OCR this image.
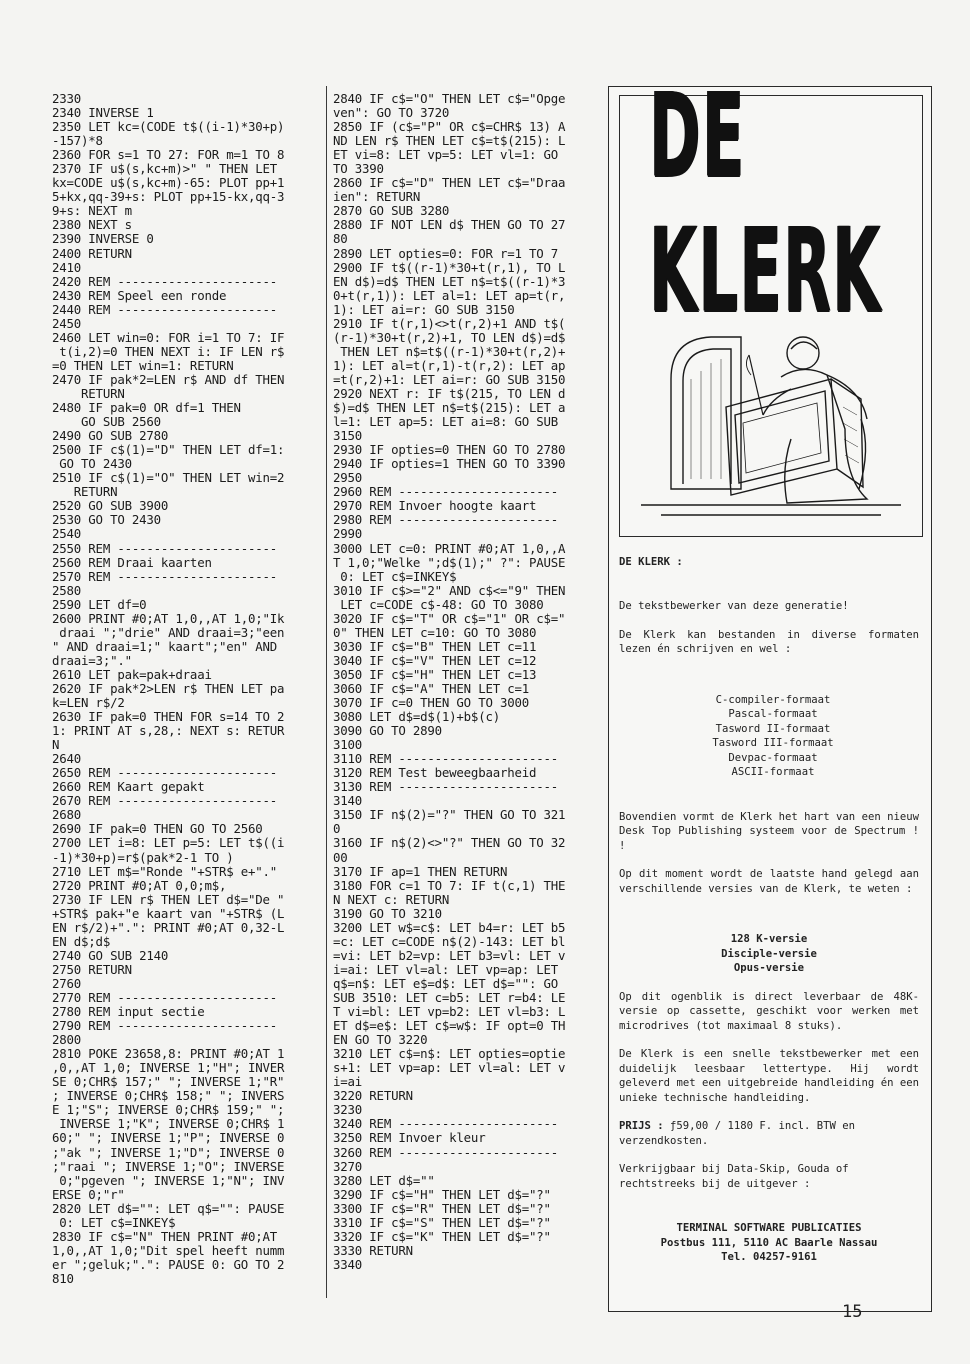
2330
2340 INVERSE 1
2350 LET kc=(CODE t$((i-1)*30+p)
-157)*8
2360 FOR s=1 TO 27: FOR m=1 TO 8
2370 IF u$(s,kc+m)>" " THEN LET
kx=CODE u$(s,kc+m)-65: PLOT pp+1
5+kx,qq-39+s: PLOT pp+15-kx,qq-3
9+s: NEXT m
2380 NEXT s
2390 INVERSE 0
2400 RETURN
2410
2420 REM ----------------------
2430 REM Speel een ronde
2440 REM ----------------------
2450
2460 LET win=0: FOR i=1 TO 7: IF
t(i,2)=0 THEN NEXT i: IF LEN r$
=0 THEN LET win=1: RETURN
2470 IF pak*2=LEN r$ AND df THEN
RETURN
2480 IF pak=0 OR df=1 THEN
GO SUB 2560
2490 GO SUB 2780
2500 IF c$(1)="D" THEN LET df=1:
GO TO 2430
2510 IF c$(1)="O" THEN LET win=2
RETURN
2520 GO SUB 3900
2530 GO TO 2430
2540
2550 REM ----------------------
2560 REM Draai kaarten
2570 REM ----------------------
2580
2590 LET df=0
2600 PRINT #0;AT 1,0,,AT 1,0;"Ik
draai ";"drie" AND draai=3;"een
" AND draai=1;" kaart";"en" AND
draai=3;"."
2610 LET pak=pak+draai
2620 IF pak*2>LEN r$ THEN LET pa
k=LEN r$/2
2630 IF pak=0 THEN FOR s=14 TO 2
1: PRINT AT s,28,: NEXT s: RETUR
N
2640
2650 REM ----------------------
2660 REM Kaart gepakt
2670 REM ----------------------
2680
2690 IF pak=0 THEN GO TO 2560
2700 LET i=8: LET p=5: LET t$((i
-1)*30+p)=r$(pak*2-1 TO )
2710 LET m$="Ronde "+STR$ e+"."
2720 PRINT #0;AT 0,0;m$,
2730 IF LEN r$ THEN LET d$="De "
+STR$ pak+"e kaart van "+STR$ (L
EN r$/2)+".": PRINT #0;AT 0,32-L
EN d$;d$
2740 GO SUB 2140
2750 RETURN
2760
2770 REM ----------------------
2780 REM input sectie
2790 REM ----------------------
2800
2810 POKE 23658,8: PRINT #0;AT 1
,0,,AT 1,0; INVERSE 1;"H"; INVER
SE 0;CHR$ 157;" "; INVERSE 1;"R"
; INVERSE 0;CHR$ 158;" "; INVERS
E 1;"S"; INVERSE 0;CHR$ 159;" ";
INVERSE 1;"K"; INVERSE 0;CHR$ 1
60;" "; INVERSE 1;"P"; INVERSE 0
;"ak "; INVERSE 1;"D"; INVERSE 0
;"raai "; INVERSE 1;"O"; INVERSE
0;"pgeven "; INVERSE 1;"N"; INV
ERSE 0;"r"
2820 LET d$="": LET q$="": PAUSE
0: LET c$=INKEY$
2830 IF c$="N" THEN PRINT #0;AT
1,0,,AT 1,0;"Dit spel heeft numm
er ";geluk;".": PAUSE 0: GO TO 2
810
2840 IF c$="O" THEN LET c$="Opge
ven": GO TO 3720
2850 IF (c$="P" OR c$=CHR$ 13) A
ND LEN r$ THEN LET c$=t$(215): L
ET vi=8: LET vp=5: LET vl=1: GO
TO 3390
2860 IF c$="D" THEN LET c$="Draa
ien": RETURN
2870 GO SUB 3280
2880 IF NOT LEN d$ THEN GO TO 27
80
2890 LET opties=0: FOR r=1 TO 7
2900 IF t$((r-1)*30+t(r,1), TO L
EN d$)=d$ THEN LET n$=t$((r-1)*3
0+t(r,1)): LET al=1: LET ap=t(r,
1): LET ai=r: GO SUB 3150
2910 IF t(r,1)<>t(r,2)+1 AND t$(
(r-1)*30+t(r,2)+1, TO LEN d$)=d$
THEN LET n$=t$((r-1)*30+t(r,2)+
1): LET al=t(r,1)-t(r,2): LET ap
=t(r,2)+1: LET ai=r: GO SUB 3150
2920 NEXT r: IF t$(215, TO LEN d
$)=d$ THEN LET n$=t$(215): LET a
l=1: LET ap=5: LET ai=8: GO SUB
3150
2930 IF opties=0 THEN GO TO 2780
2940 IF opties=1 THEN GO TO 3390
2950
2960 REM ----------------------
2970 REM Invoer hoogte kaart
2980 REM ----------------------
2990
3000 LET c=0: PRINT #0;AT 1,0,,A
T 1,0;"Welke ";d$(1);" ?": PAUSE
0: LET c$=INKEY$
3010 IF c$>="2" AND c$<="9" THEN
LET c=CODE c$-48: GO TO 3080
3020 IF c$="T" OR c$="1" OR c$="
0" THEN LET c=10: GO TO 3080
3030 IF c$="B" THEN LET c=11
3040 IF c$="V" THEN LET c=12
3050 IF c$="H" THEN LET c=13
3060 IF c$="A" THEN LET c=1
3070 IF c=0 THEN GO TO 3000
3080 LET d$=d$(1)+b$(c)
3090 GO TO 2890
3100
3110 REM ----------------------
3120 REM Test beweegbaarheid
3130 REM ----------------------
3140
3150 IF n$(2)="?" THEN GO TO 321
0
3160 IF n$(2)<>"?" THEN GO TO 32
00
3170 IF ap=1 THEN RETURN
3180 FOR c=1 TO 7: IF t(c,1) THE
N NEXT c: RETURN
3190 GO TO 3210
3200 LET w$=c$: LET b4=r: LET b5
=c: LET c=CODE n$(2)-143: LET bl
=vi: LET b2=vp: LET b3=vl: LET v
i=ai: LET vl=al: LET vp=ap: LET
q$=n$: LET e$=d$: LET d$="": GO
SUB 3510: LET c=b5: LET r=b4: LE
T vi=bl: LET vp=b2: LET vl=b3: L
ET d$=e$: LET c$=w$: IF opt=0 TH
EN GO TO 3220
3210 LET c$=n$: LET opties=optie
s+1: LET vp=ap: LET vl=al: LET v
i=ai
3220 RETURN
3230
3240 REM ----------------------
3250 REM Invoer kleur
3260 REM ----------------------
3270
3280 LET d$=""
3290 IF c$="H" THEN LET d$="?"
3300 IF c$="R" THEN LET d$="?"
3310 IF c$="S" THEN LET d$="?"
3320 IF c$="K" THEN LET d$="?"
3330 RETURN
3340
DE KLERK

DE KLERK :

De tekstbewerker van deze generatie!

De Klerk kan bestanden in diverse formaten lezen én schrijven en wel :

C-compiler-formaat

Pascal-formaat

Tasword II-formaat

Tasword III-formaat

Devpac-formaat

ASCII-formaat

Bovendien vormt de Klerk het hart van een nieuw Desk Top Publishing systeem voor de Spectrum ! !

Op dit moment wordt de laatste hand gelegd aan verschillende versies van de Klerk, te weten :

128 K-versie

Disciple-versie

Opus-versie

Op dit ogenblik is direct leverbaar de 48K-versie op cassette, geschikt voor werken met microdrives (tot maximaal 8 stuks).

De Klerk is een snelle tekstbewerker met een duidelijk leesbaar lettertype. Hij wordt geleverd met een uitgebreide handleiding én een unieke technische handleiding.

PRIJS : ƒ59,00 / 1180 F. incl. BTW en verzendkosten.

Verkrijgbaar bij Data-Skip, Gouda of rechtstreeks bij de uitgever :

TERMINAL SOFTWARE PUBLICATIES

Postbus 111, 5110 AC Baarle Nassau

Tel. 04257-9161

15
